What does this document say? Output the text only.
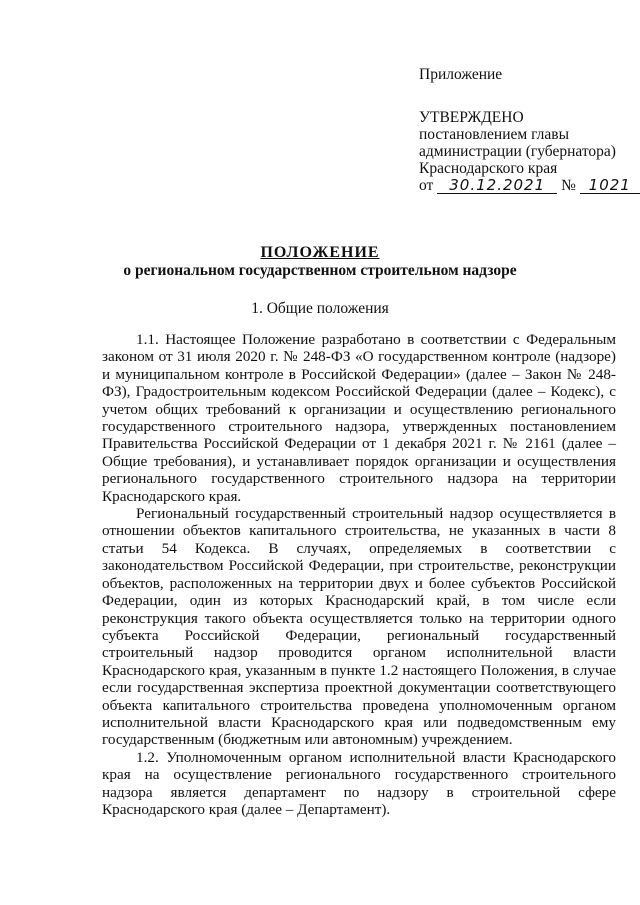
Приложение
УТВЕРЖДЕНО
постановлением главы
администрации (губернатора)
Краснодарского края
от 30.12.2021 № 1021
ПОЛОЖЕНИЕ
о региональном государственном строительном надзоре
1. Общие положения

1.1. Настоящее Положение разработано в соответствии с Федеральным законом от 31 июля 2020 г. № 248-ФЗ «О государственном контроле (надзоре) и муниципальном контроле в Российской Федерации» (далее – Закон № 248-ФЗ), Градостроительным кодексом Российской Федерации (далее – Кодекс), с учетом общих требований к организации и осуществлению регионального государственного строительного надзора, утвержденных постановлением Правительства Российской Федерации от 1 декабря 2021 г. № 2161 (далее – Общие требования), и устанавливает порядок организации и осуществления регионального государственного строительного надзора на территории Краснодарского края.

Региональный государственный строительный надзор осуществляется в отношении объектов капитального строительства, не указанных в части 8 статьи 54 Кодекса. В случаях, определяемых в соответствии с законодательством Российской Федерации, при строительстве, реконструкции объектов, расположенных на территории двух и более субъектов Российской Федерации, один из которых Краснодарский край, в том числе если реконструкция такого объекта осуществляется только на территории одного субъекта Российской Федерации, региональный государственный строительный надзор проводится органом исполнительной власти Краснодарского края, указанным в пункте 1.2 настоящего Положения, в случае если государственная экспертиза проектной документации соответствующего объекта капитального строительства проведена уполномоченным органом исполнительной власти Краснодарского края или подведомственным ему государственным (бюджетным или автономным) учреждением.

1.2. Уполномоченным органом исполнительной власти Краснодарского края на осуществление регионального государственного строительного надзора является департамент по надзору в строительной сфере Краснодарского края (далее – Департамент).
